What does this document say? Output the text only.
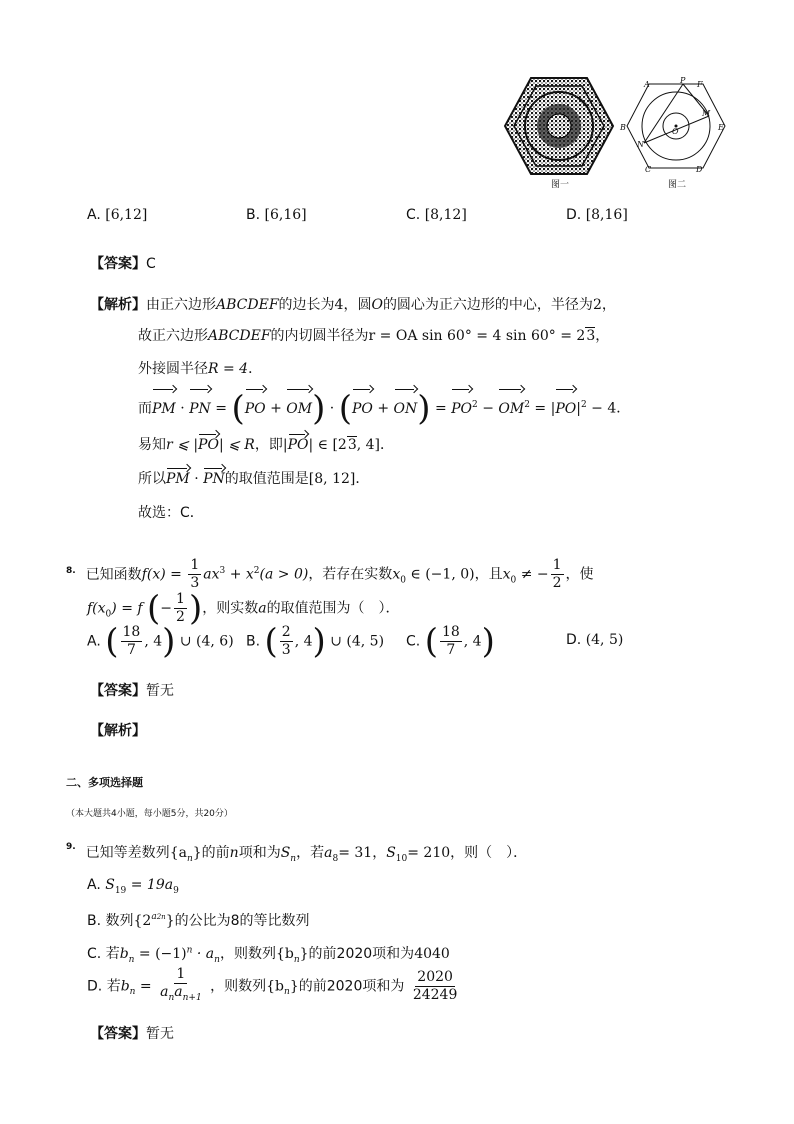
图一
A	P F
B
M
E
O
N
C	D
图二
A. [6,12]	B. [6,16]	C. [8,12]	D. [8,16]
【答案】C
【解析】由正六边形ABCDEF的边长为4，圆O的圆心为正六边形的中心，半径为2，
故正六边形ABCDEF的内切圆半径为r = OA sin 60° = 4 sin 60° = 23，
外接圆半径R = 4．
而PM · PN = $(PO + OM) \cdot (PO + ON) = PO^2 - OM^2 = |PO|^2 - 4$．
易知r ⩽ |PO| ⩽ R，即|PO| ∈ [23, 4]．
所以PM · PN的取值范围是[8, 12]．
故选：C．
$^{8.}$ 已知函数$f(x) = \frac{1}{3} ax^3 + x^2(a > 0)$，若存在实数$x_0$ ∈ (−1, 0)，且$x_0$ ≠ − $\frac{1}{2}$ ，使
$f(x_0) = f$ (− $\frac{1}{2}$ )，则实数a的取值范围为（　）．
A. ( $\frac{18}{7}$ , 4) ∪ (4, 6) B. ( $\frac{2}{3}$ , 4) ∪ (4, 5) C. ( $\frac{18}{7}$ , 4)	D. (4, 5)
【答案】暂无
【解析】
二、多项选择题
（本大题共4小题，每小题5分，共20分）
$^{9.}$ 已知等差数列$\{a_n\}$的前n项和为$S_n$，若$a_8= 31$，$S_{10}= 210$，则（　）．
A. $S_{19} = 19a_9$
B. 数列$\{2^{a2n}\}$的公比为8的等比数列
C. 若$b_n = (-1)^n \cdot a_n$，则数列$\{b_n\}$的前2020项和为4040
D. 若$b_n = \frac{1}{a_na_{n+1}}$ ，则数列$\{b_n\}$的前2020项和为 $\frac{2020}{24249}$
【答案】暂无
